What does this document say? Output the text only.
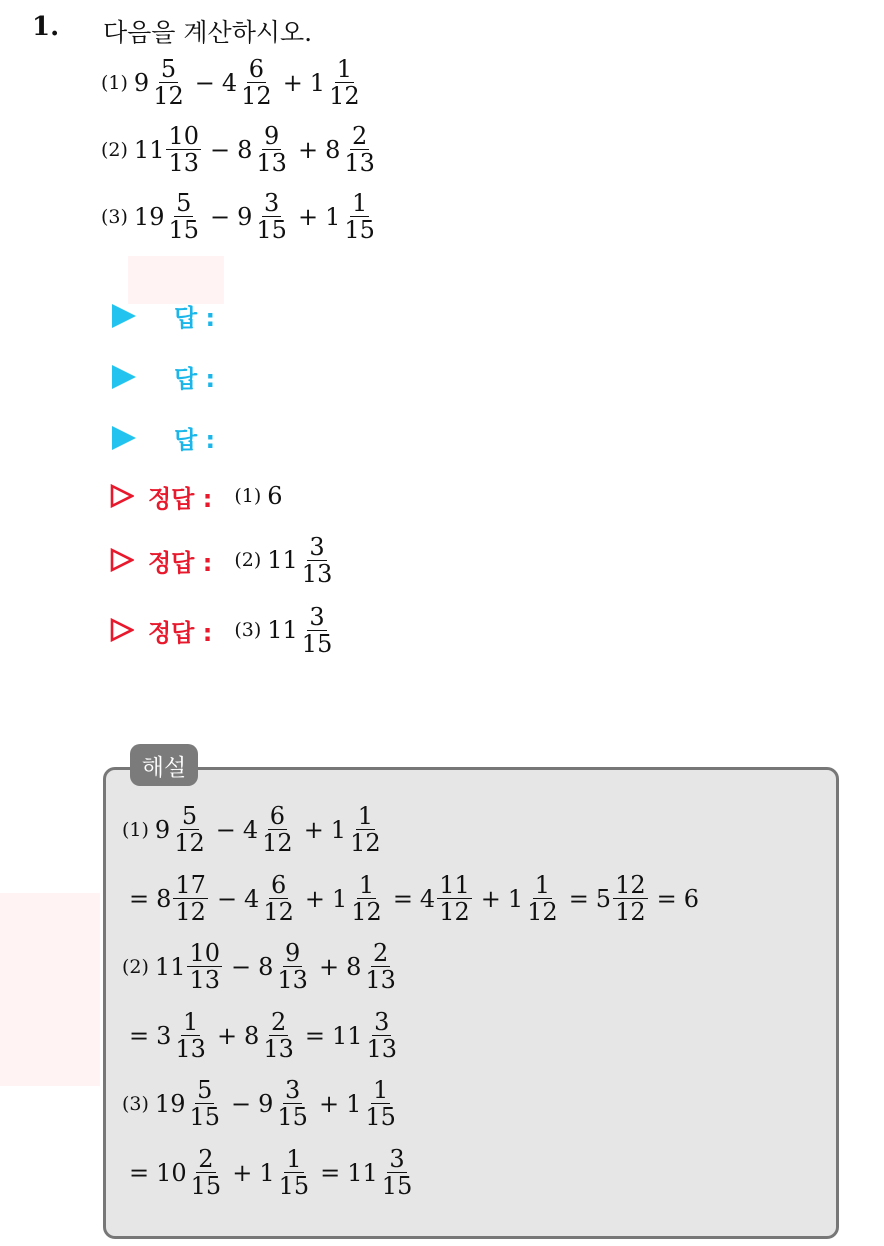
1. 다음을 계산하시오.
(1) $9 \frac{5}{12} - 4 \frac{6}{12} + 1 \frac{1}{12}$
(2) $11 \frac{10}{13} - 8 \frac{9}{13} + 8 \frac{2}{13}$
(3) $19 \frac{5}{15} - 9 \frac{3}{15} + 1 \frac{1}{15}$
답 :
답 :
답 :
정답 : (1) 6
정답 : (2) $11 \frac{3}{13}$
정답 : (3) $11 \frac{3}{15}$
해설
(1) $9 \frac{5}{12} - 4 \frac{6}{12} + 1 \frac{1}{12}$
= $8 \frac{17}{12} - 4 \frac{6}{12} + 1 \frac{1}{12} = 4 \frac{11}{12} + 1 \frac{1}{12} = 5 \frac{12}{12} = 6$
(2) $11 \frac{10}{13} - 8 \frac{9}{13} + 8 \frac{2}{13}$
= $3 \frac{1}{13} + 8 \frac{2}{13} = 11 \frac{3}{13}$
(3) $19 \frac{5}{15} - 9 \frac{3}{15} + 1 \frac{1}{15}$
= $10 \frac{2}{15} + 1 \frac{1}{15} = 11 \frac{3}{15}$
